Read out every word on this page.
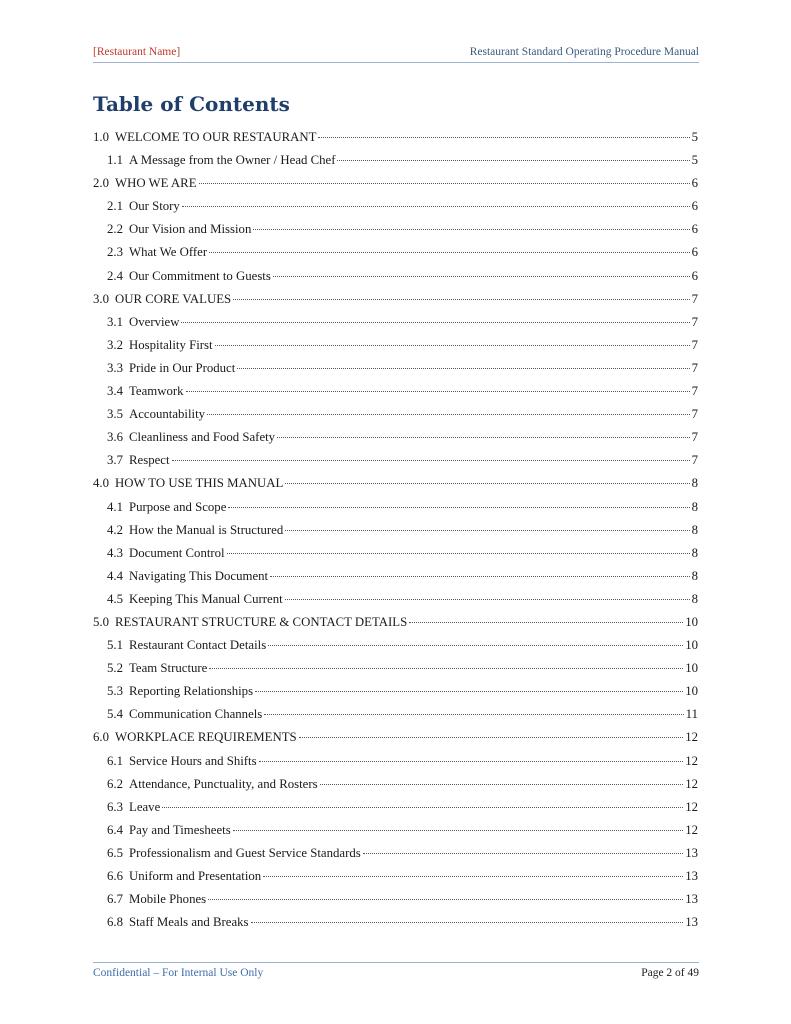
[Restaurant Name]	Restaurant Standard Operating Procedure Manual
Table of Contents
1.0 WELCOME TO OUR RESTAURANT	5
1.1 A Message from the Owner / Head Chef	5
2.0 WHO WE ARE	6
2.1 Our Story	6
2.2 Our Vision and Mission	6
2.3 What We Offer	6
2.4 Our Commitment to Guests	6
3.0 OUR CORE VALUES	7
3.1 Overview	7
3.2 Hospitality First	7
3.3 Pride in Our Product	7
3.4 Teamwork	7
3.5 Accountability	7
3.6 Cleanliness and Food Safety	7
3.7 Respect	7
4.0 HOW TO USE THIS MANUAL	8
4.1 Purpose and Scope	8
4.2 How the Manual is Structured	8
4.3 Document Control	8
4.4 Navigating This Document	8
4.5 Keeping This Manual Current	8
5.0 RESTAURANT STRUCTURE & CONTACT DETAILS	10
5.1 Restaurant Contact Details	10
5.2 Team Structure	10
5.3 Reporting Relationships	10
5.4 Communication Channels	11
6.0 WORKPLACE REQUIREMENTS	12
6.1 Service Hours and Shifts	12
6.2 Attendance, Punctuality, and Rosters	12
6.3 Leave	12
6.4 Pay and Timesheets	12
6.5 Professionalism and Guest Service Standards	13
6.6 Uniform and Presentation	13
6.7 Mobile Phones	13
6.8 Staff Meals and Breaks	13
Confidential – For Internal Use Only	Page 2 of 49
